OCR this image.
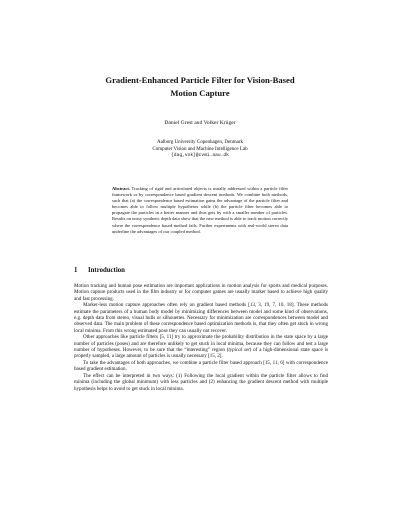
Gradient-Enhanced Particle Filter for Vision-Based
Motion Capture
Daniel Grest and Volker Krüger
Aalborg University Copenhagen, Denmark
Computer Vision and Machine Intelligence Lab
{dag,vok}@cvmi.aau.dk
Abstract. Tracking of rigid and articulated objects is usually addressed within a particle filter framework or by correspondence based gradient descent methods. We combine both methods, such that (a) the correspondence based estimation gains the advantage of the particle filter and becomes able to follow multiple hypotheses while (b) the particle filter becomes able to propagate the particles in a better manner and thus gets by with a smaller number of particles. Results on noisy synthetic depth data show that the new method is able to track motion correctly where the correspondence based method fails. Further experiments with real-world stereo data underline the advantages of our coupled method.
1 Introduction

Motion tracking and human pose estimation are important applications in motion analysis for sports and medical purposes. Motion capture products used in the film industry or for computer games are usually marker based to achieve high quality and fast processing.

Marker-less motion capture approaches often rely on gradient based methods [13, 3, 19, 7, 10, 18]. These methods estimate the parameters of a human body model by minimizing differences between model and some kind of observations, e.g. depth data from stereo, visual hulls or silhouettes. Necessary for minimization are correspondences between model and observed data. The main problem of these correspondence based optimization methods is, that they often get stuck in wrong local minima. From this wrong estimated pose they can usually not recover.

Other approaches like particle filters [5, 11] try to approximate the probability distribution in the state space by a large number of particles (poses) and are therefore unlikely to get stuck in local minima, because they can follow and test a large number of hypotheses. However, to be sure that the “interesting” region (typical set) of a high-dimensional state space is properly sampled, a large amount of particles is usually necessary [15, 2].

To take the advantages of both approaches, we combine a particle filter based approach [15, 11, 6] with correspondence based gradient estimation.

The effect can be interpreted in two ways: (1) Following the local gradient within the particle filter allows to find minima (including the global minimum) with less particles and (2) enhancing the gradient descent method with multiple hypothesis helps to avoid to get stuck in local minima.
